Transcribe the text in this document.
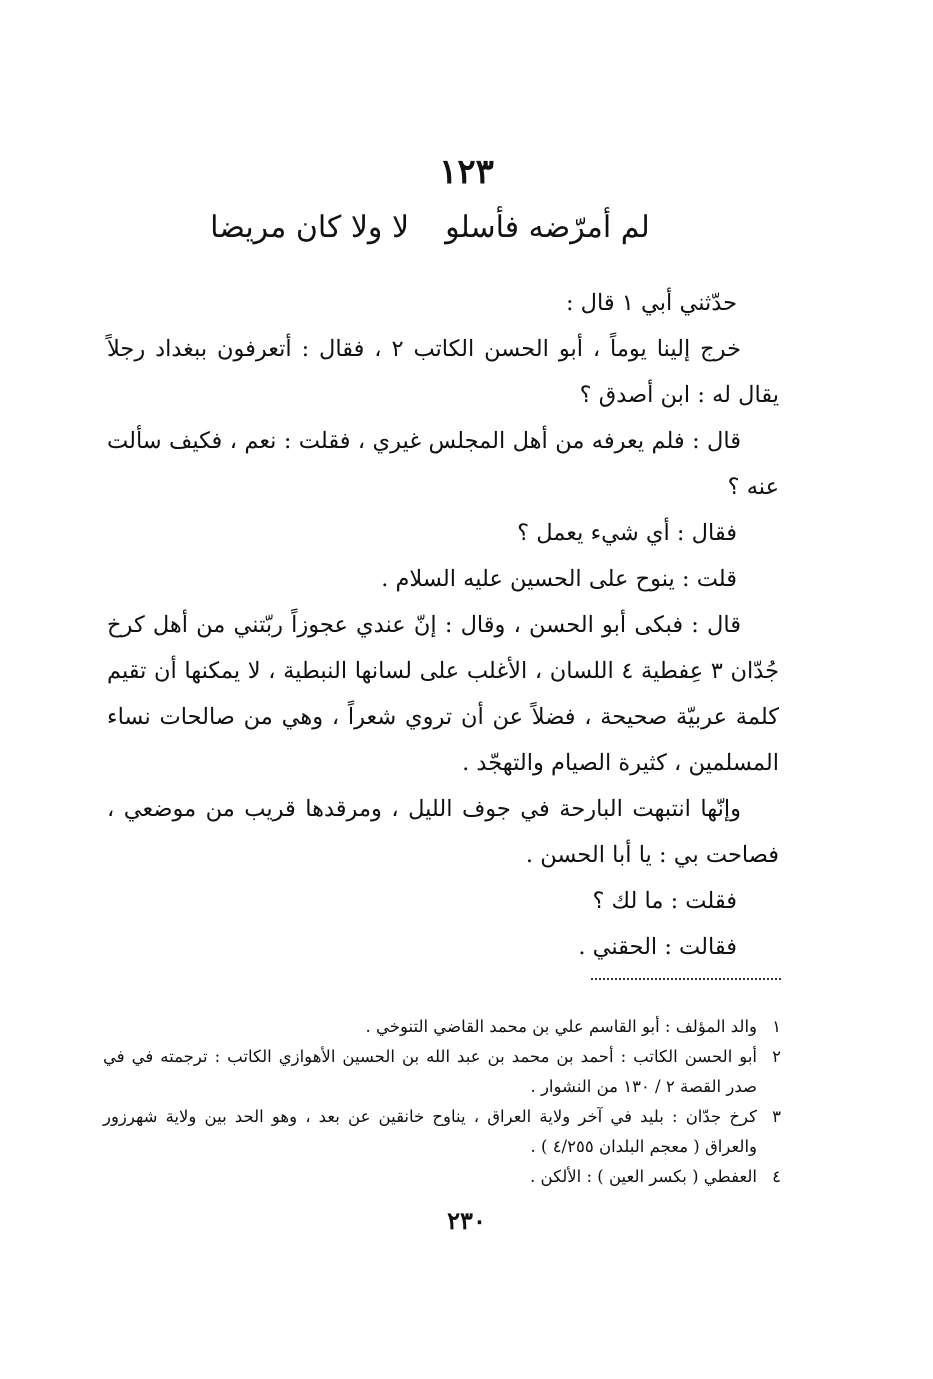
١٢٣
لم أمرّضه فأسلولا ولا كان مريضا

حدّثني أبي ١ قال :

خرج إلينا يوماً ، أبو الحسن الكاتب ٢ ، فقال : أتعرفون ببغداد رجلاً يقال له : ابن أصدق ؟

قال : فلم يعرفه من أهل المجلس غيري ، فقلت : نعم ، فكيف سألت عنه ؟

فقال : أي شيء يعمل ؟

قلت : ينوح على الحسين عليه السلام .

قال : فبكى أبو الحسن ، وقال : إنّ عندي عجوزاً ربّتني من أهل كرخ جُدّان ٣ عِفطية ٤ اللسان ، الأغلب على لسانها النبطية ، لا يمكنها أن تقيم كلمة عربيّة صحيحة ، فضلاً عن أن تروي شعراً ، وهي من صالحات نساء المسلمين ، كثيرة الصيام والتهجّد .

وإنّها انتبهت البارحة في جوف الليل ، ومرقدها قريب من موضعي ، فصاحت بي : يا أبا الحسن .

فقلت : ما لك ؟

فقالت : الحقني .

١
والد المؤلف : أبو القاسم علي بن محمد القاضي التنوخي .
٢
أبو الحسن الكاتب : أحمد بن محمد بن عبد الله بن الحسين الأهوازي الكاتب : ترجمته في في صدر القصة ٢ / ١٣٠ من النشوار .
٣
كرخ جدّان : بليد في آخر ولاية العراق ، يناوح خانقين عن بعد ، وهو الحد بين ولاية شهرزور والعراق ( معجم البلدان ٤/٢٥٥ ) .
٤
العفطي ( بكسر العين ) : الألكن .
٢٣٠
